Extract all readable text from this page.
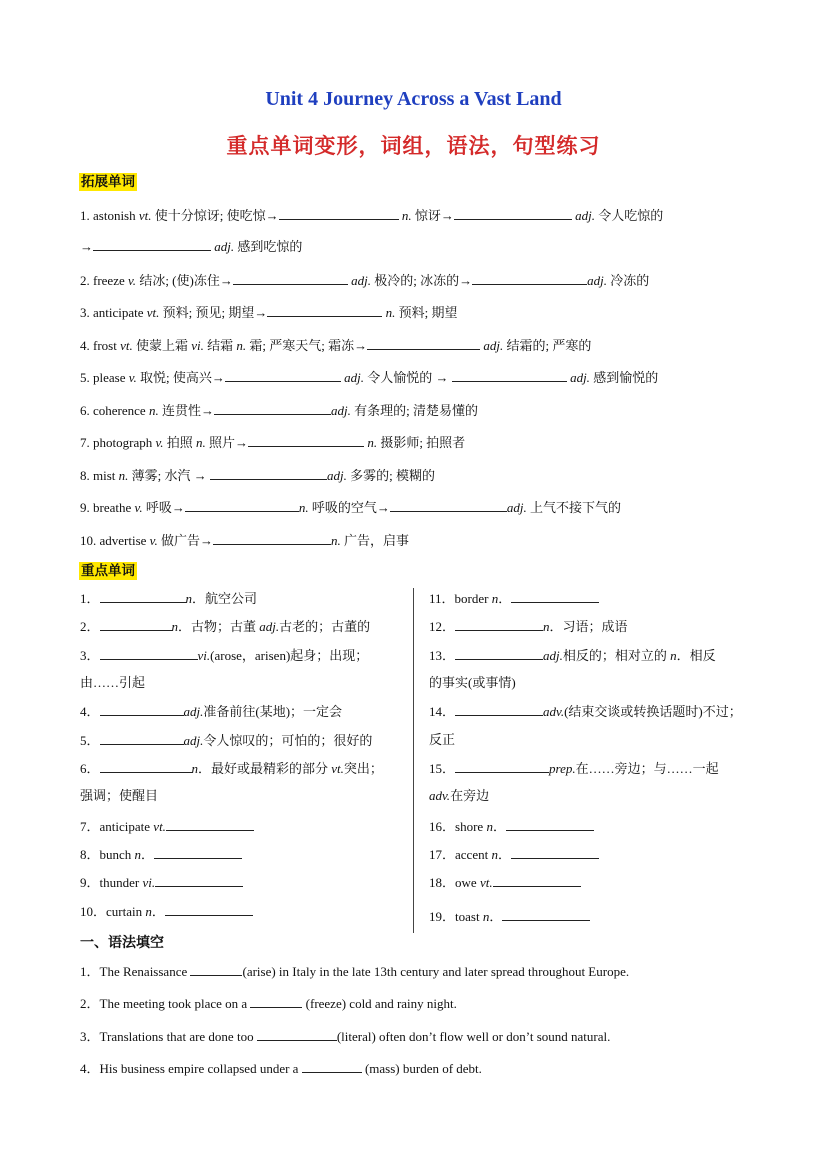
Unit 4 Journey Across a Vast Land
重点单词变形，词组，语法，句型练习
拓展单词
1. astonish vt. 使十分惊讶; 使吃惊→	n. 惊讶→	adj. 令人吃惊的
→	adj. 感到吃惊的
2. freeze v. 结冰; (使)冻住→	adj. 极冷的; 冰冻的→	adj. 冷冻的
3. anticipate vt. 预料; 预见; 期望→	n. 预料; 期望
4. frost vt. 使蒙上霜 vi. 结霜 n. 霜; 严寒天气; 霜冻→	adj. 结霜的; 严寒的
5. please v. 取悦; 使高兴→	adj. 令人愉悦的 →	adj. 感到愉悦的
6. coherence n. 连贯性→	adj. 有条理的; 清楚易懂的
7. photograph v. 拍照 n. 照片→	n. 摄影师; 拍照者
8. mist n. 薄雾; 水汽 →	adj. 多雾的; 模糊的
9. breathe v. 呼吸→	n. 呼吸的空气→	adj. 上气不接下气的
10. advertise v. 做广告→	n. 广告，启事
重点单词
1．	n．航空公司
2．	n．古物；古董 adj.古老的；古董的
3．	vi.(arose，arisen)起身；出现；
由……引起
4．	adj.准备前往(某地)；一定会
5．	adj.令人惊叹的；可怕的；很好的
6．	n．最好或最精彩的部分 vt.突出；
强调；使醒目
7．anticipate vt.
8．bunch n．
9．thunder vi.
10．curtain n．
11．border n．
12．	n．习语；成语
13．	adj.相反的；相对立的 n．相反
的事实(或事情)
14．	adv.(结束交谈或转换话题时)不过；
反正
15．	prep.在……旁边；与……一起
adv.在旁边
16．shore n．
17．accent n．
18．owe vt.
19．toast n．
一、语法填空
1．The Renaissance	(arise) in Italy in the late 13th century and later spread throughout Europe.
2．The meeting took place on a	(freeze) cold and rainy night.
3．Translations that are done too	(literal) often don’t flow well or don’t sound natural.
4．His business empire collapsed under a	(mass) burden of debt.
